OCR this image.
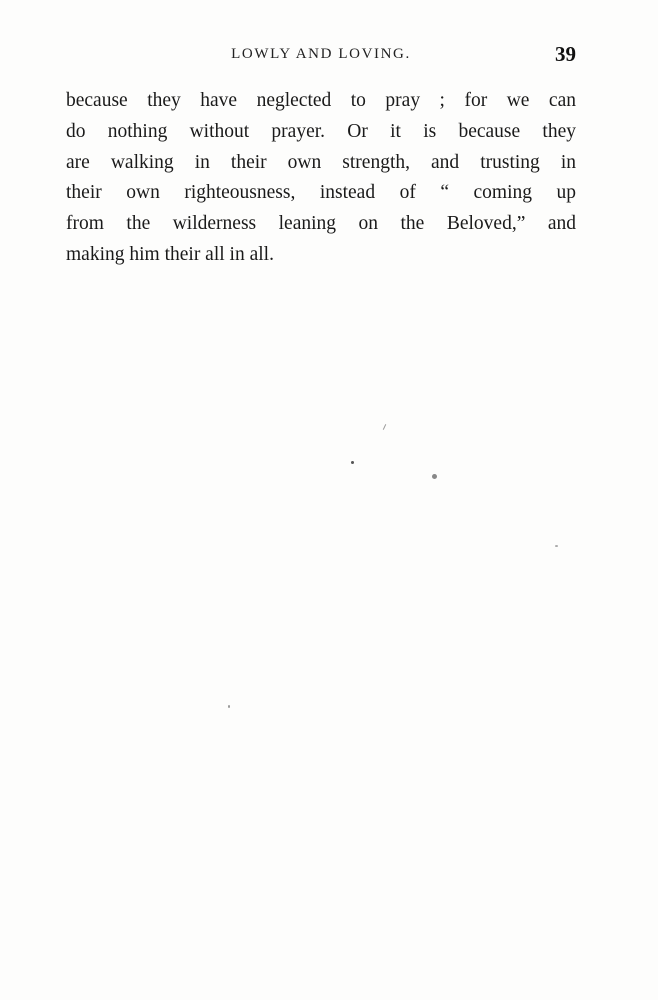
LOWLY AND LOVING.	39

because they have neglected to pray ; for we can
do nothing without prayer. Or it is because they
are walking in their own strength, and trusting in
their own righteousness, instead of “ coming up
from the wilderness leaning on the Beloved,” and
making him their all in all.
